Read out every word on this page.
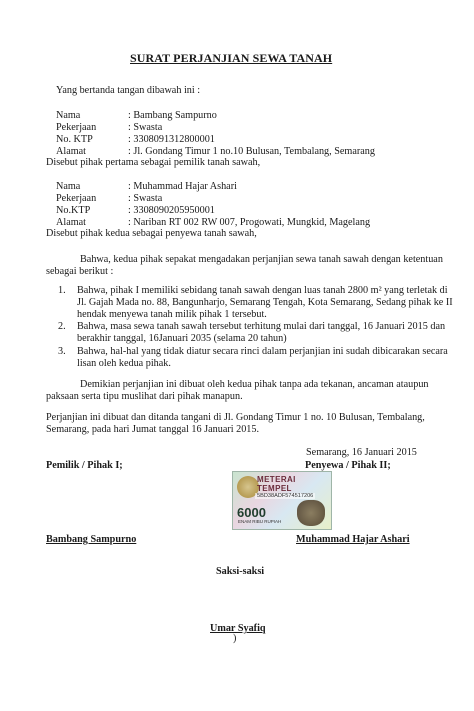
SURAT PERJANJIAN SEWA TANAH
Yang bertanda tangan dibawah ini :
Nama	: Bambang Sampurno
Pekerjaan	: Swasta
No. KTP	: 3308091312800001
Alamat	: Jl. Gondang Timur 1 no.10 Bulusan, Tembalang, Semarang
Disebut pihak pertama sebagai pemilik tanah sawah,
Nama	: Muhammad Hajar Ashari
Pekerjaan	: Swasta
No.KTP	: 3308090205950001
Alamat	: Nariban RT 002 RW 007, Progowati, Mungkid, Magelang
Disebut pihak kedua sebagai penyewa tanah sawah,
Bahwa, kedua pihak sepakat mengadakan perjanjian sewa tanah sawah dengan ketentuan
sebagai berikut :
1. Bahwa, pihak I memiliki sebidang tanah sawah dengan luas tanah 2800 m² yang terletak di
Jl. Gajah Mada no. 88, Bangunharjo, Semarang Tengah, Kota Semarang, Sedang pihak ke II
hendak menyewa tanah milik pihak 1 tersebut.
2. Bahwa, masa sewa tanah sawah tersebut terhitung mulai dari tanggal, 16 Januari 2015 dan
berakhir tanggal, 16Januari 2035 (selama 20 tahun)
3. Bahwa, hal-hal yang tidak diatur secara rinci dalam perjanjian ini sudah dibicarakan secara
lisan oleh kedua pihak.
Demikian perjanjian ini dibuat oleh kedua pihak tanpa ada tekanan, ancaman ataupun
paksaan serta tipu muslihat dari pihak manapun.
Perjanjian ini dibuat dan ditanda tangani di Jl. Gondang Timur 1 no. 10 Bulusan, Tembalang,
Semarang, pada hari Jumat tanggal 16 Januari 2015.
Semarang, 16 Januari 2015
Pemilik / Pihak I;	Penyewa / Pihak II;
METERAI TEMPEL
5BD38ADF574517206
6000
ENAM RIBU RUPIAH
Bambang Sampurno	Muhammad Hajar Ashari
Saksi-saksi
Umar Syafiq
)
